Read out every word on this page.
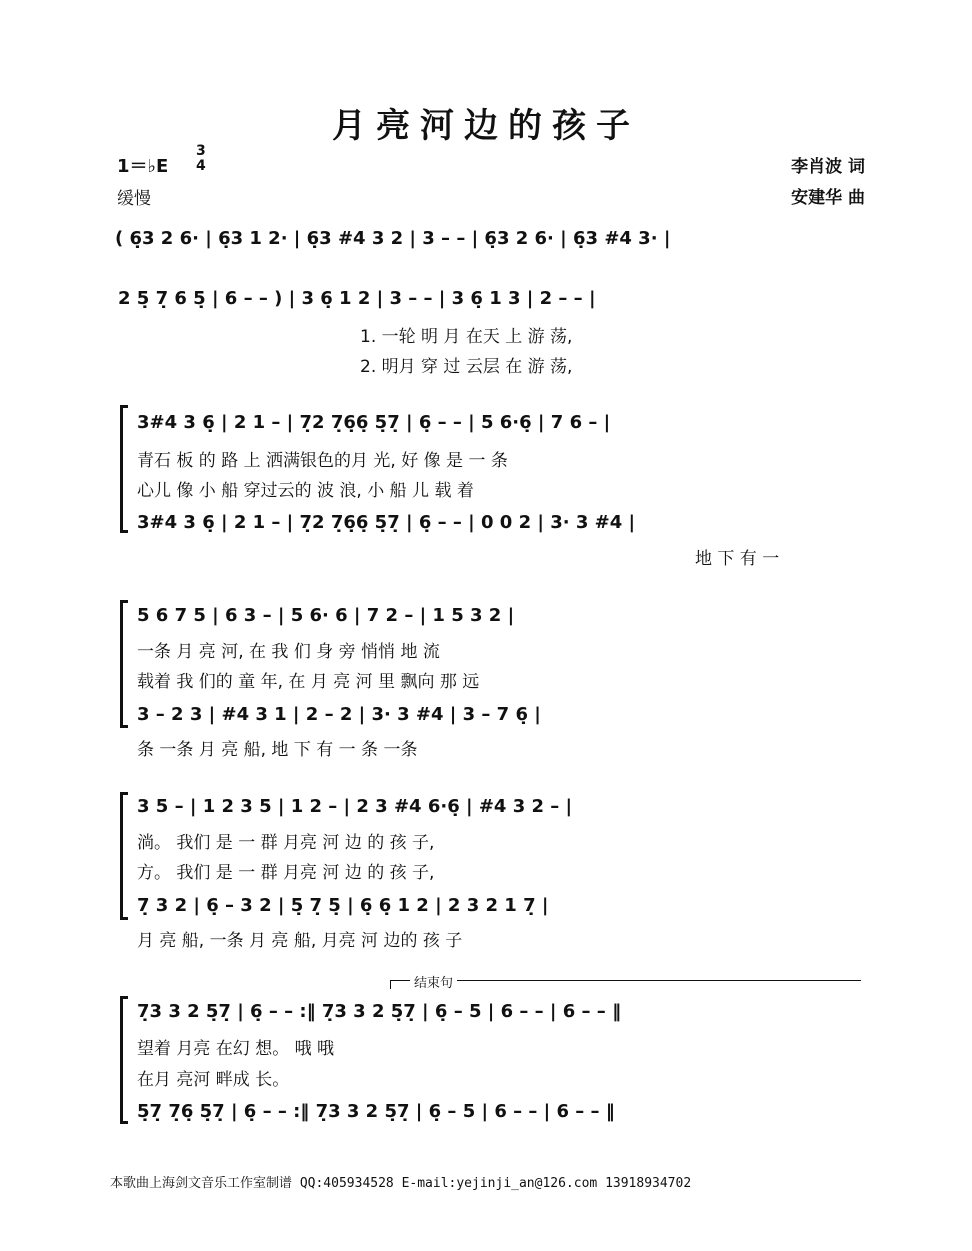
月亮河边的孩子
1＝♭E
3
4
缓慢
李肖波 词
安建华 曲
( 6̣3 2 6· | 6̣3 1 2· | 6̣3 #4 3 2 | 3 – – | 6̣3 2 6· | 6̣3 #4 3· |
2 5̣ 7̣ 6 5̣ | 6 – – ) | 3 6̣ 1 2 | 3 – – | 3 6̣ 1 3 | 2 – – |
1. 一轮 明 月 在天 上 游 荡,
2. 明月 穿 过 云层 在 游 荡,
3#4 3 6̣ | 2 1 – | 7̣2 7̣6̣6̣ 5̣7̣ | 6̣ – – | 5 6·6̣ | 7 6 – |
青石 板 的 路 上 洒满银色的月 光, 好 像 是 一 条
心儿 像 小 船 穿过云的 波 浪, 小 船 儿 载 着
3#4 3 6̣ | 2 1 – | 7̣2 7̣6̣6̣ 5̣7̣ | 6̣ – – | 0 0 2 | 3· 3 #4 |
地 下 有 一
5 6 7 5 | 6 3 – | 5 6· 6 | 7 2 – | 1 5 3 2 |
一条 月 亮 河, 在 我 们 身 旁 悄悄 地 流
载着 我 们的 童 年, 在 月 亮 河 里 飘向 那 远
3 – 2 3 | #4 3 1 | 2 – 2 | 3· 3 #4 | 3 – 7 6̣ |
条 一条 月 亮 船, 地 下 有 一 条 一条
3 5 – | 1 2 3 5 | 1 2 – | 2 3 #4 6·6̣ | #4 3 2 – |
淌。 我们 是 一 群 月亮 河 边 的 孩 子,
方。 我们 是 一 群 月亮 河 边 的 孩 子,
7̣ 3 2 | 6̣ – 3 2 | 5̣ 7̣ 5̣ | 6̣ 6̣ 1 2 | 2 3 2 1 7̣ |
月 亮 船, 一条 月 亮 船, 月亮 河 边的 孩 子
结束句
7̣3 3 2 5̣7̣ | 6̣ – – :‖ 7̣3 3 2 5̣7̣ | 6̣ – 5 | 6 – – | 6 – – ‖
望着 月亮 在幻 想。 哦 哦
在月 亮河 畔成 长。
5̣7̣ 7̣6̣ 5̣7̣ | 6̣ – – :‖ 7̣3 3 2 5̣7̣ | 6̣ – 5 | 6 – – | 6 – – ‖
本歌曲上海剑文音乐工作室制谱 QQ:405934528 E-mail:yejinji_an@126.com 13918934702
